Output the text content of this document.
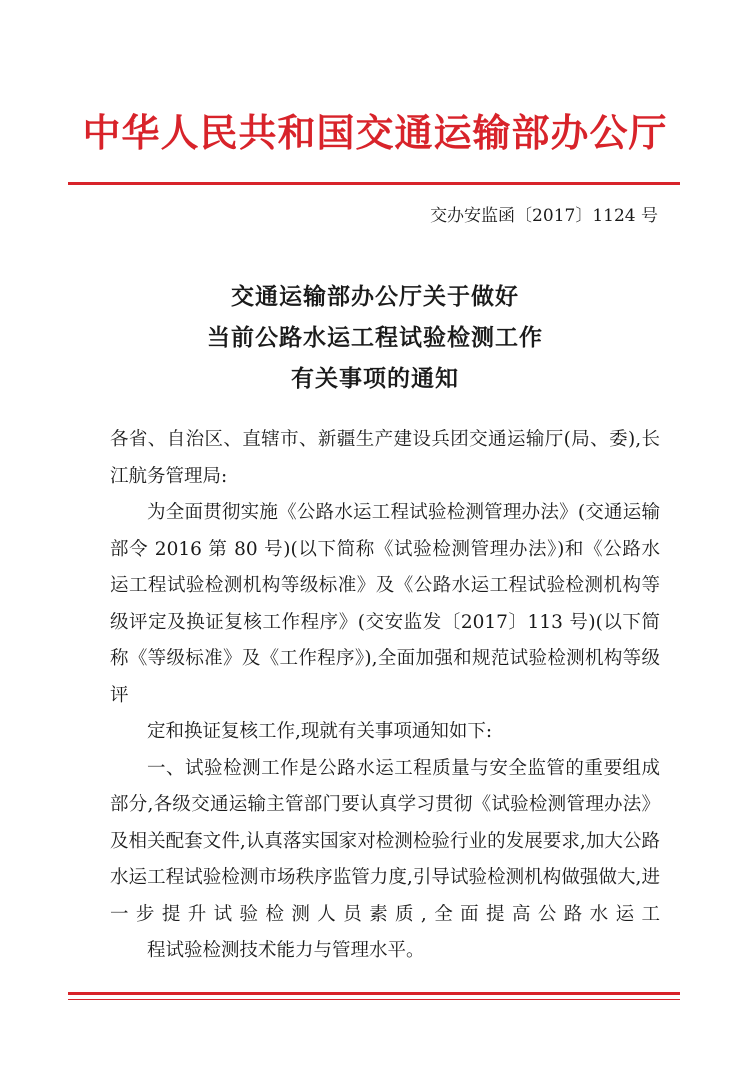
中华人民共和国交通运输部办公厅
交办安监函〔2017〕1124 号
交通运输部办公厅关于做好
当前公路水运工程试验检测工作
有关事项的通知

各省、自治区、直辖市、新疆生产建设兵团交通运输厅(局、委),长
江航务管理局:

为全面贯彻实施《公路水运工程试验检测管理办法》(交通运输部令 2016 第 80 号)(以下简称《试验检测管理办法》)和《公路水运工程试验检测机构等级标准》及《公路水运工程试验检测机构等级评定及换证复核工作程序》(交安监发〔2017〕113 号)(以下简称《等级标准》及《工作程序》),全面加强和规范试验检测机构等级评
定和换证复核工作,现就有关事项通知如下:

一、试验检测工作是公路水运工程质量与安全监管的重要组成部分,各级交通运输主管部门要认真学习贯彻《试验检测管理办法》及相关配套文件,认真落实国家对检测检验行业的发展要求,加大公路水运工程试验检测市场秩序监管力度,引导试验检测机构做强做大,进一步提升试验检测人员素质,全面提高公路水运工
程试验检测技术能力与管理水平。
